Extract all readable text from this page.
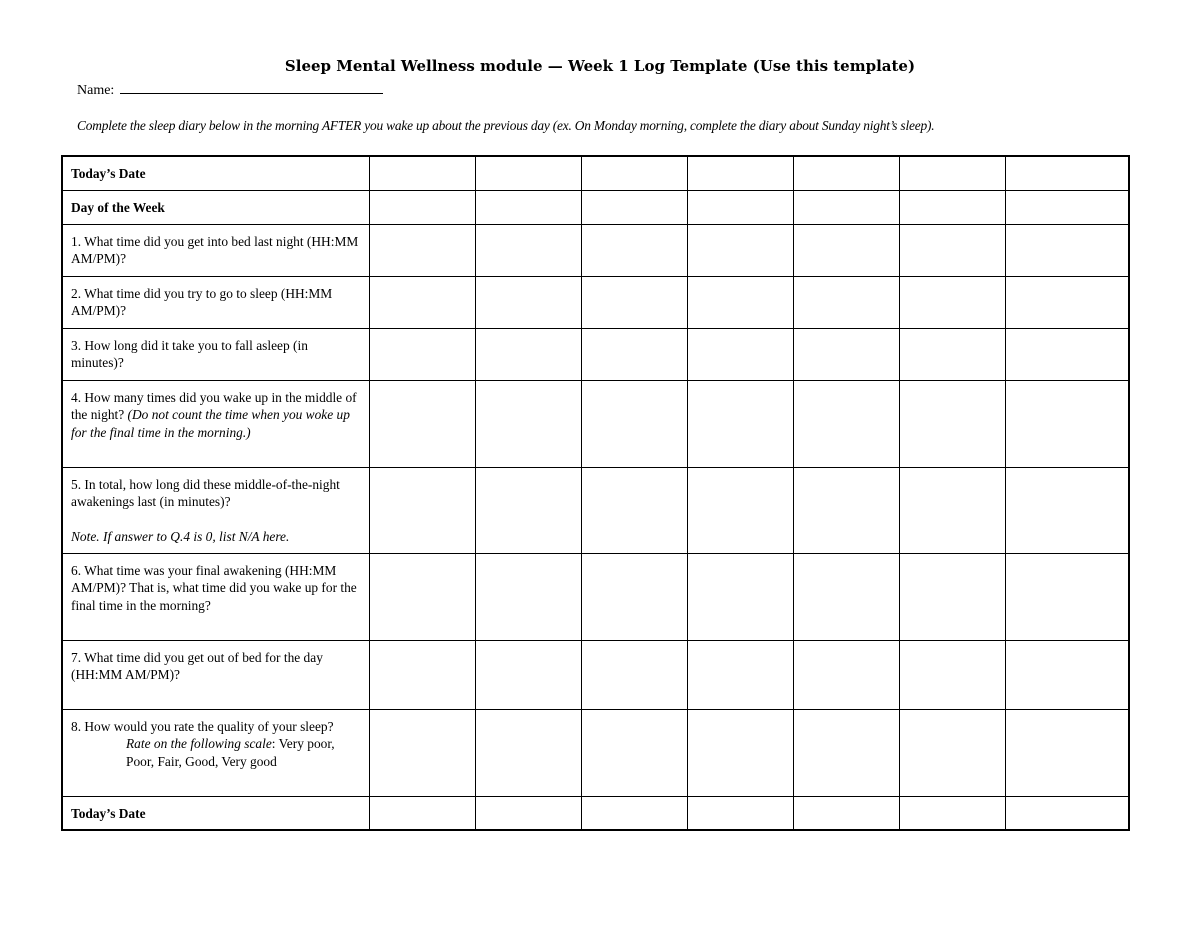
Sleep Mental Wellness module — Week 1 Log Template (Use this template)
Name:
Complete the sleep diary below in the morning AFTER you wake up about the previous day (ex. On Monday morning, complete the diary about Sunday night’s sleep).
Today’s Date							
Day of the Week							
1. What time did you get into bed last night (HH:MM AM/PM)?							
2. What time did you try to go to sleep (HH:MM AM/PM)?							
3. How long did it take you to fall asleep (in minutes)?							
4. How many times did you wake up in the middle of the night? (Do not count the time when you woke up for the final time in the morning.)							

5. In total, how long did these middle-of-the-night awakenings last (in minutes)?
Note. If answer to Q.4 is 0, list N/A here.							

6. What time was your final awakening (HH:MM AM/PM)? That is, what time did you wake up for the final time in the morning?							
7. What time did you get out of bed for the day (HH:MM AM/PM)?							

8. How would you rate the quality of your sleep?
Rate on the following scale: Very poor, Poor, Fair, Good, Very good							

Today’s Date							
